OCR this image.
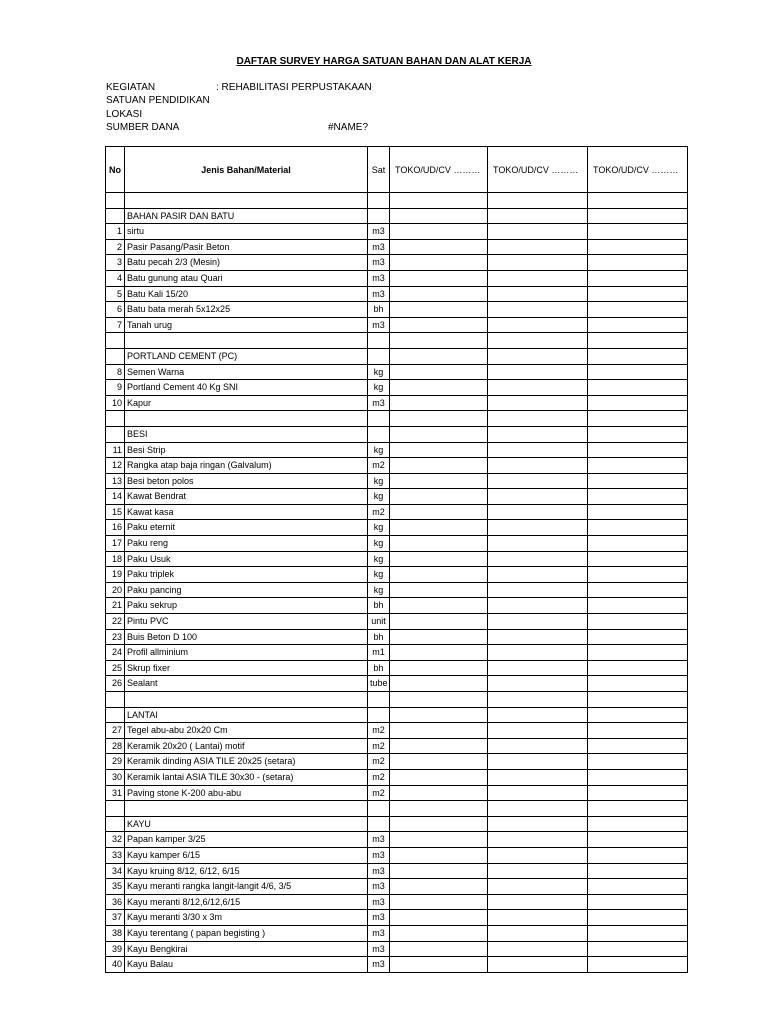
DAFTAR SURVEY HARGA SATUAN BAHAN DAN ALAT KERJA
KEGIATAN	: REHABILITASI PERPUSTAKAAN
SATUAN PENDIDIKAN
LOKASI
SUMBER DANA	#NAME?
No	Jenis Bahan/Material	Sat	TOKO/UD/CV ………	TOKO/UD/CV ………	TOKO/UD/CV ………

	BAHAN PASIR DAN BATU				
1	sirtu	m3			
2	Pasir Pasang/Pasir Beton	m3			
3	Batu pecah 2/3 (Mesin)	m3			
4	Batu gunung atau Quari	m3			
5	Batu Kali 15/20	m3			
6	Batu bata merah 5x12x25	bh			
7	Tanah urug	m3			

	PORTLAND CEMENT (PC)				
8	Semen Warna	kg			
9	Portland Cement 40 Kg SNI	kg			
10	Kapur	m3			

	BESI				
11	Besi Strip	kg			
12	Rangka atap baja ringan (Galvalum)	m2			
13	Besi beton polos	kg			
14	Kawat Bendrat	kg			
15	Kawat kasa	m2			
16	Paku eternit	kg			
17	Paku reng	kg			
18	Paku Usuk	kg			
19	Paku triplek	kg			
20	Paku pancing	kg			
21	Paku sekrup	bh			
22	Pintu PVC	unit			
23	Buis Beton D 100	bh			
24	Profil allminium	m1			
25	Skrup fixer	bh			
26	Sealant	tube			

	LANTAI				
27	Tegel abu-abu 20x20 Cm	m2			
28	Keramik 20x20 ( Lantai) motif	m2			
29	Keramik dinding ASIA TILE 20x25 (setara)	m2			
30	Keramik lantai ASIA TILE 30x30 - (setara)	m2			
31	Paving stone K-200 abu-abu	m2			

	KAYU				
32	Papan kamper 3/25	m3			
33	Kayu kamper 6/15	m3			
34	Kayu kruing 8/12, 6/12, 6/15	m3			
35	Kayu meranti rangka langit-langit 4/6, 3/5	m3			
36	Kayu meranti 8/12,6/12,6/15	m3			
37	Kayu meranti 3/30 x 3m	m3			
38	Kayu terentang ( papan begisting )	m3			
39	Kayu Bengkirai	m3			
40	Kayu Balau	m3			
